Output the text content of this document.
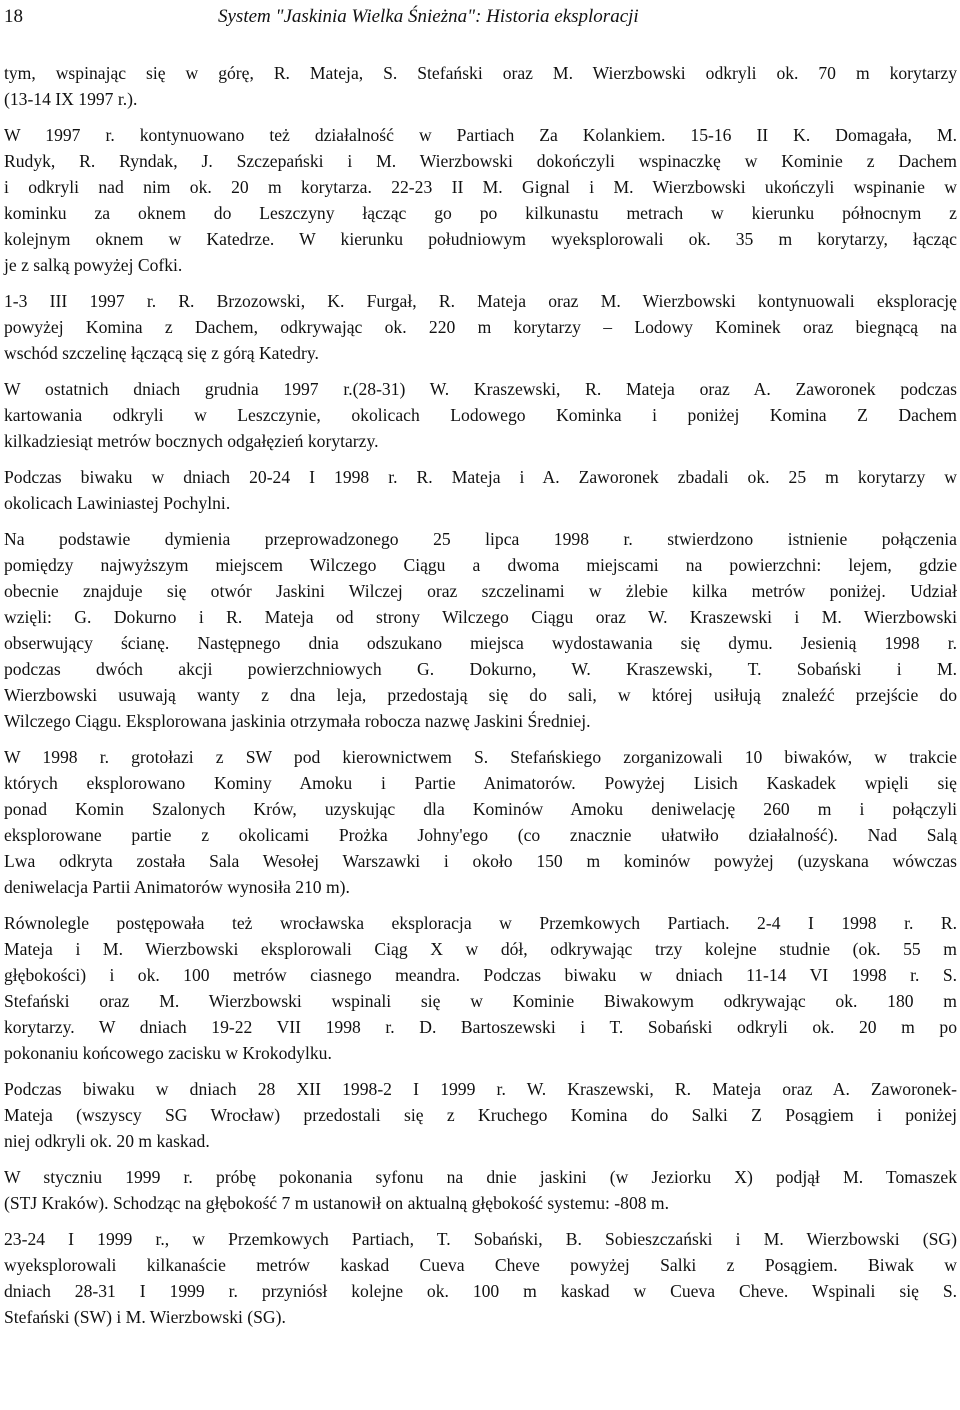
18	System "Jaskinia Wielka Śnieżna": Historia eksploracji

tym, wspinając się w górę, R. Mateja, S. Stefański oraz M. Wierzbowski odkryli ok. 70 m korytarzy
(13-14 IX 1997 r.).

W 1997 r. kontynuowano też działalność w Partiach Za Kolankiem. 15-16 II K. Domagała, M.
Rudyk, R. Ryndak, J. Szczepański i M. Wierzbowski dokończyli wspinaczkę w Kominie z Dachem
i odkryli nad nim ok. 20 m korytarza. 22-23 II M. Gignal i M. Wierzbowski ukończyli wspinanie w
kominku za oknem do Leszczyny łącząc go po kilkunastu metrach w kierunku północnym z
kolejnym oknem w Katedrze. W kierunku południowym wyeksplorowali ok. 35 m korytarzy, łącząc
je z salką powyżej Cofki.

1-3 III 1997 r. R. Brzozowski, K. Furgał, R. Mateja oraz M. Wierzbowski kontynuowali eksplorację
powyżej Komina z Dachem, odkrywając ok. 220 m korytarzy – Lodowy Kominek oraz biegnącą na
wschód szczelinę łączącą się z górą Katedry.

W ostatnich dniach grudnia 1997 r.(28-31) W. Kraszewski, R. Mateja oraz A. Zaworonek podczas
kartowania odkryli w Leszczynie, okolicach Lodowego Kominka i poniżej Komina Z Dachem
kilkadziesiąt metrów bocznych odgałęzień korytarzy.

Podczas biwaku w dniach 20-24 I 1998 r. R. Mateja i A. Zaworonek zbadali ok. 25 m korytarzy w
okolicach Lawiniastej Pochylni.

Na podstawie dymienia przeprowadzonego 25 lipca 1998 r. stwierdzono istnienie połączenia
pomiędzy najwyższym miejscem Wilczego Ciągu a dwoma miejscami na powierzchni: lejem, gdzie
obecnie znajduje się otwór Jaskini Wilczej oraz szczelinami w żlebie kilka metrów poniżej. Udział
wzięli: G. Dokurno i R. Mateja od strony Wilczego Ciągu oraz W. Kraszewski i M. Wierzbowski
obserwujący ścianę. Następnego dnia odszukano miejsca wydostawania się dymu. Jesienią 1998 r.
podczas dwóch akcji powierzchniowych G. Dokurno, W. Kraszewski, T. Sobański i M.
Wierzbowski usuwają wanty z dna leja, przedostają się do sali, w której usiłują znaleźć przejście do
Wilczego Ciągu. Eksplorowana jaskinia otrzymała robocza nazwę Jaskini Średniej.

W 1998 r. grotołazi z SW pod kierownictwem S. Stefańskiego zorganizowali 10 biwaków, w trakcie
których eksplorowano Kominy Amoku i Partie Animatorów. Powyżej Lisich Kaskadek wpięli się
ponad Komin Szalonych Krów, uzyskując dla Kominów Amoku deniwelację 260 m i połączyli
eksplorowane partie z okolicami Prożka Johny'ego (co znacznie ułatwiło działalność). Nad Salą
Lwa odkryta została Sala Wesołej Warszawki i około 150 m kominów powyżej (uzyskana wówczas
deniwelacja Partii Animatorów wynosiła 210 m).

Równolegle postępowała też wrocławska eksploracja w Przemkowych Partiach. 2-4 I 1998 r. R.
Mateja i M. Wierzbowski eksplorowali Ciąg X w dół, odkrywając trzy kolejne studnie (ok. 55 m
głębokości) i ok. 100 metrów ciasnego meandra. Podczas biwaku w dniach 11-14 VI 1998 r. S.
Stefański oraz M. Wierzbowski wspinali się w Kominie Biwakowym odkrywając ok. 180 m
korytarzy. W dniach 19-22 VII 1998 r. D. Bartoszewski i T. Sobański odkryli ok. 20 m po
pokonaniu końcowego zacisku w Krokodylku.

Podczas biwaku w dniach 28 XII 1998-2 I 1999 r. W. Kraszewski, R. Mateja oraz A. Zaworonek-
Mateja (wszyscy SG Wrocław) przedostali się z Kruchego Komina do Salki Z Posągiem i poniżej
niej odkryli ok. 20 m kaskad.

W styczniu 1999 r. próbę pokonania syfonu na dnie jaskini (w Jeziorku X) podjął M. Tomaszek
(STJ Kraków). Schodząc na głębokość 7 m ustanowił on aktualną głębokość systemu: -808 m.

23-24 I 1999 r., w Przemkowych Partiach, T. Sobański, B. Sobieszczański i M. Wierzbowski (SG)
wyeksplorowali kilkanaście metrów kaskad Cueva Cheve powyżej Salki z Posągiem. Biwak w
dniach 28-31 I 1999 r. przyniósł kolejne ok. 100 m kaskad w Cueva Cheve. Wspinali się S.
Stefański (SW) i M. Wierzbowski (SG).
